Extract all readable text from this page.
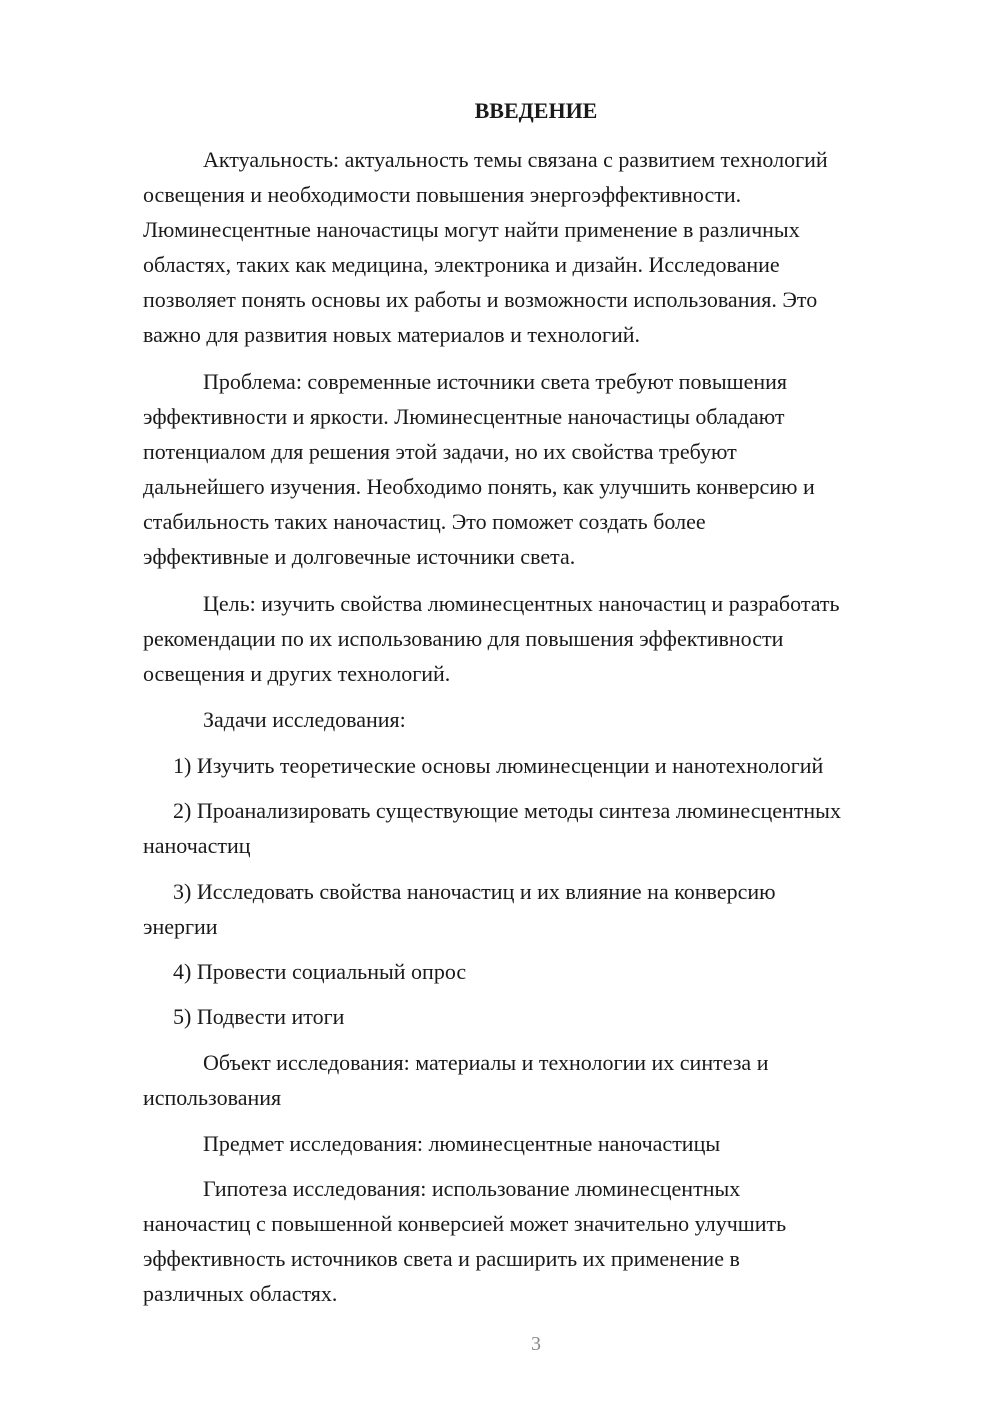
ВВЕДЕНИЕ
Актуальность: актуальность темы связана с развитием технологий
освещения и необходимости повышения энергоэффективности.
Люминесцентные наночастицы могут найти применение в различных
областях, таких как медицина, электроника и дизайн. Исследование
позволяет понять основы их работы и возможности использования. Это
важно для развития новых материалов и технологий.
Проблема: современные источники света требуют повышения
эффективности и яркости. Люминесцентные наночастицы обладают
потенциалом для решения этой задачи, но их свойства требуют
дальнейшего изучения. Необходимо понять, как улучшить конверсию и
стабильность таких наночастиц. Это поможет создать более
эффективные и долговечные источники света.
Цель: изучить свойства люминесцентных наночастиц и разработать
рекомендации по их использованию для повышения эффективности
освещения и других технологий.
Задачи исследования:
1) Изучить теоретические основы люминесценции и нанотехнологий
2) Проанализировать существующие методы синтеза люминесцентных
наночастиц
3) Исследовать свойства наночастиц и их влияние на конверсию
энергии
4) Провести социальный опрос
5) Подвести итоги
Объект исследования: материалы и технологии их синтеза и
использования
Предмет исследования: люминесцентные наночастицы
Гипотеза исследования: использование люминесцентных
наночастиц с повышенной конверсией может значительно улучшить
эффективность источников света и расширить их применение в
различных областях.
3
